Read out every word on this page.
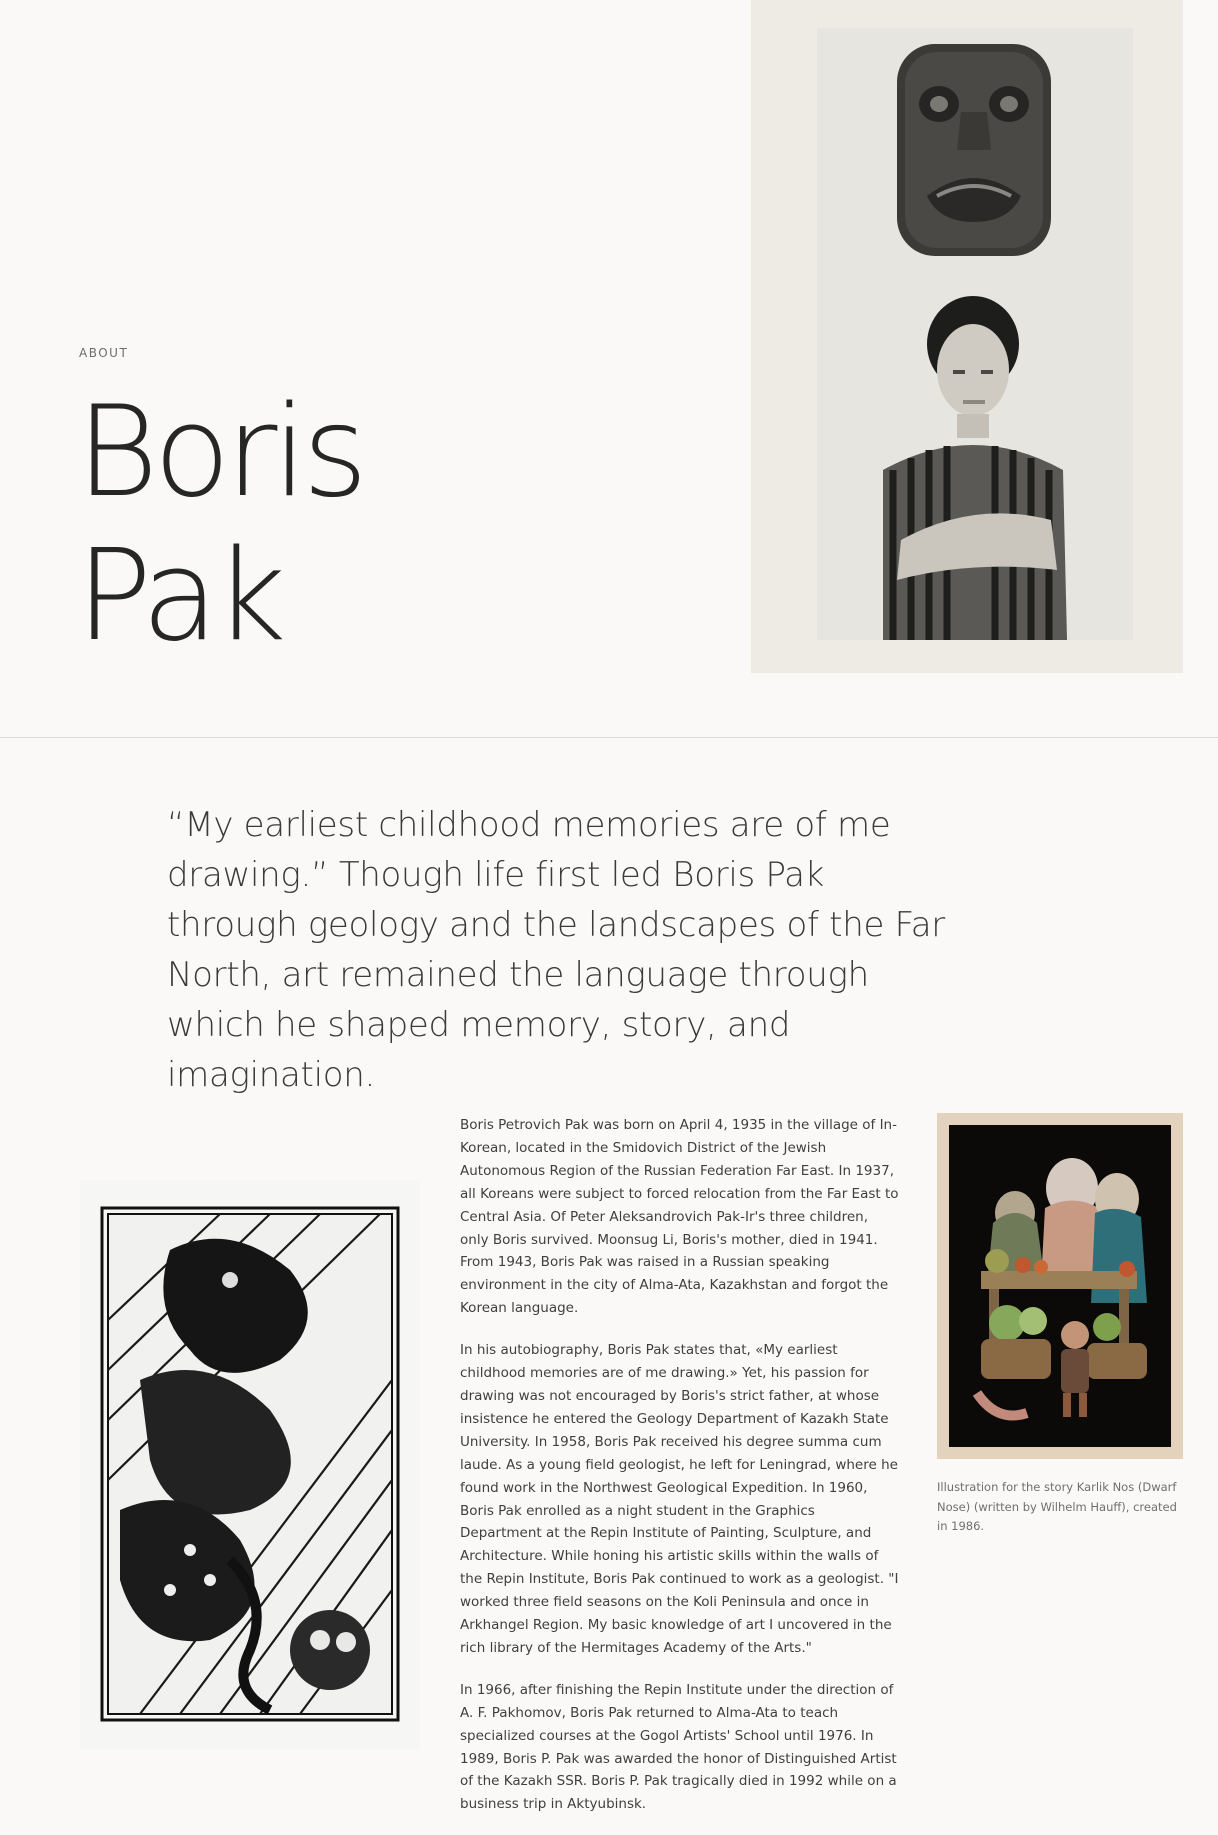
ABOUT
Boris
Pak

“My earliest childhood memories are of me drawing.” Though life first led Boris Pak through geology and the landscapes of the Far North, art remained the language through which he shaped memory, story, and imagination.

Boris Petrovich Pak was born on April 4, 1935 in the village of In-Korean, located in the Smidovich District of the Jewish Autonomous Region of the Russian Federation Far East. In 1937, all Koreans were subject to forced relocation from the Far East to Central Asia. Of Peter Aleksandrovich Pak-Ir's three children, only Boris survived. Moonsug Li, Boris's mother, died in 1941. From 1943, Boris Pak was raised in a Russian speaking environment in the city of Alma-Ata, Kazakhstan and forgot the Korean language.

In his autobiography, Boris Pak states that, «My earliest childhood memories are of me drawing.» Yet, his passion for drawing was not encouraged by Boris's strict father, at whose insistence he entered the Geology Department of Kazakh State University. In 1958, Boris Pak received his degree summa cum laude. As a young field geologist, he left for Leningrad, where he found work in the Northwest Geological Expedition. In 1960, Boris Pak enrolled as a night student in the Graphics Department at the Repin Institute of Painting, Sculpture, and Architecture. While honing his artistic skills within the walls of the Repin Institute, Boris Pak continued to work as a geologist. "I worked three field seasons on the Koli Peninsula and once in Arkhangel Region. My basic knowledge of art I uncovered in the rich library of the Hermitages Academy of the Arts."

In 1966, after finishing the Repin Institute under the direction of A. F. Pakhomov, Boris Pak returned to Alma-Ata to teach specialized courses at the Gogol Artists' School until 1976. In 1989, Boris P. Pak was awarded the honor of Distinguished Artist of the Kazakh SSR. Boris P. Pak tragically died in 1992 while on a business trip in Aktyubinsk.

Illustration for the story Karlik Nos (Dwarf Nose) (written by Wilhelm Hauff), created in 1986.
